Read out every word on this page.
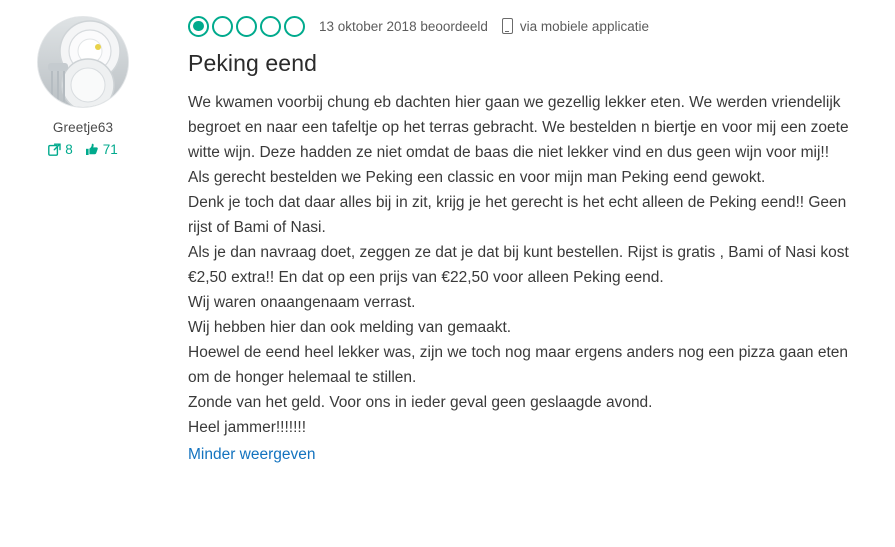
Greetje63
8 71
13 oktober 2018 beoordeeld via mobiele applicatie
Peking eend

We kwamen voorbij chung eb dachten hier gaan we gezellig lekker eten. We werden vriendelijk begroet en naar een tafeltje op het terras gebracht. We bestelden n biertje en voor mij een zoete witte wijn. Deze hadden ze niet omdat de baas die niet lekker vind en dus geen wijn voor mij!!

Als gerecht bestelden we Peking een classic en voor mijn man Peking eend gewokt.

Denk je toch dat daar alles bij in zit, krijg je het gerecht is het echt alleen de Peking eend!! Geen rijst of Bami of Nasi.

Als je dan navraag doet, zeggen ze dat je dat bij kunt bestellen. Rijst is gratis , Bami of Nasi kost €2,50 extra!! En dat op een prijs van €22,50 voor alleen Peking eend.

Wij waren onaangenaam verrast.

Wij hebben hier dan ook melding van gemaakt.

Hoewel de eend heel lekker was, zijn we toch nog maar ergens anders nog een pizza gaan eten om de honger helemaal te stillen.

Zonde van het geld. Voor ons in ieder geval geen geslaagde avond.

Heel jammer!!!!!!!

Minder weergeven
